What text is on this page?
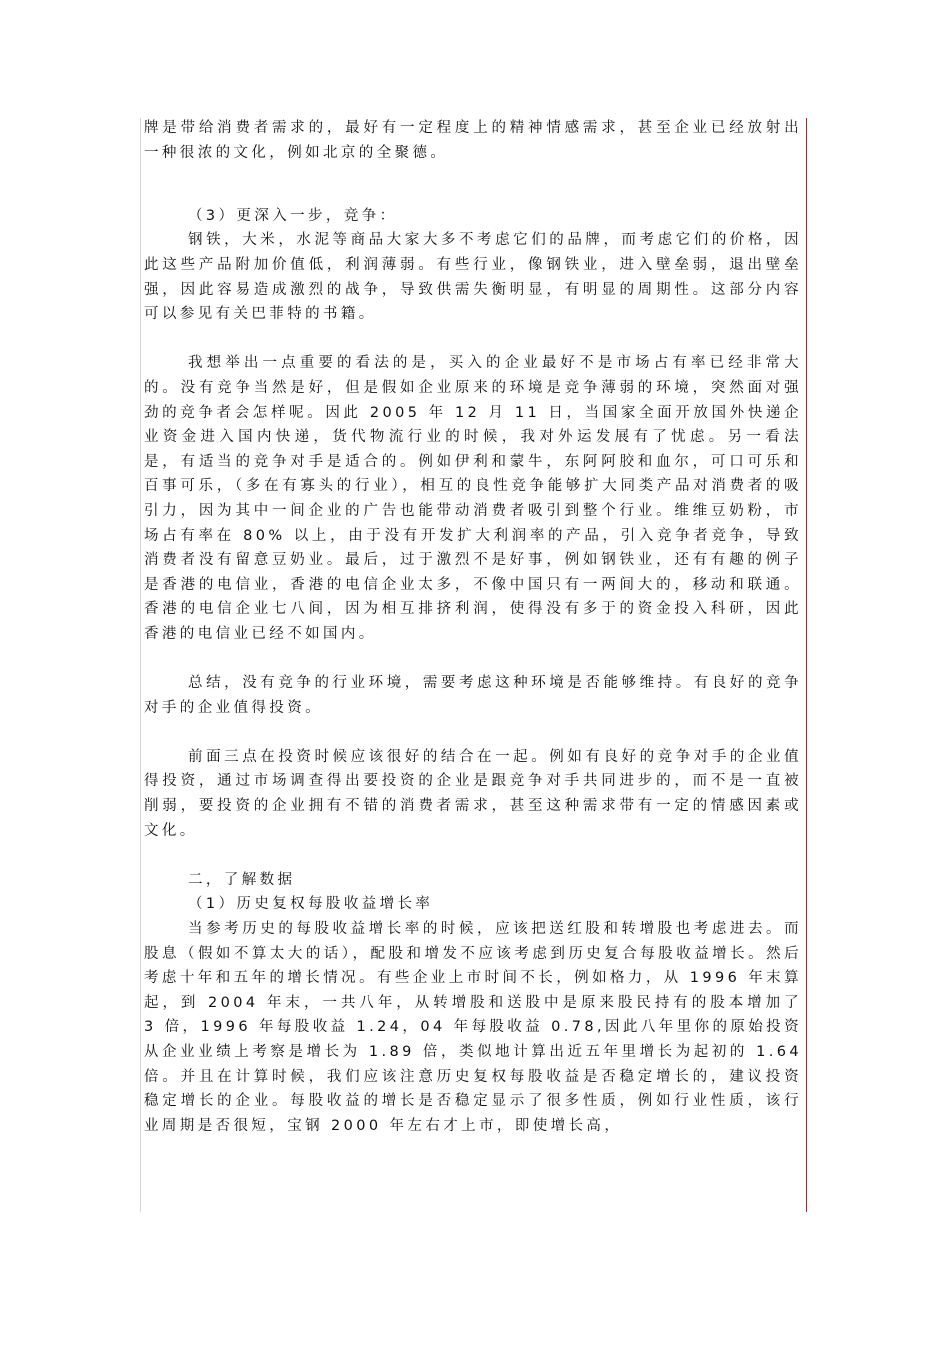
牌是带给消费者需求的，最好有一定程度上的精神情感需求，甚至企业已经放射出一种很浓的文化，例如北京的全聚德。

（3）更深入一步，竞争：

钢铁，大米，水泥等商品大家大多不考虑它们的品牌，而考虑它们的价格，因此这些产品附加价值低，利润薄弱。有些行业，像钢铁业，进入壁垒弱，退出壁垒强，因此容易造成激烈的战争，导致供需失衡明显，有明显的周期性。这部分内容可以参见有关巴菲特的书籍。

我想举出一点重要的看法的是，买入的企业最好不是市场占有率已经非常大的。没有竞争当然是好，但是假如企业原来的环境是竞争薄弱的环境，突然面对强劲的竞争者会怎样呢。因此 2005 年 12 月 11 日，当国家全面开放国外快递企业资金进入国内快递，货代物流行业的时候，我对外运发展有了忧虑。另一看法是，有适当的竞争对手是适合的。例如伊利和蒙牛，东阿阿胶和血尔，可口可乐和百事可乐，（多在有寡头的行业），相互的良性竞争能够扩大同类产品对消费者的吸引力，因为其中一间企业的广告也能带动消费者吸引到整个行业。维维豆奶粉，市场占有率在 80% 以上，由于没有开发扩大利润率的产品，引入竞争者竞争，导致消费者没有留意豆奶业。最后，过于激烈不是好事，例如钢铁业，还有有趣的例子是香港的电信业，香港的电信企业太多，不像中国只有一两间大的，移动和联通。香港的电信企业七八间，因为相互排挤利润，使得没有多于的资金投入科研，因此香港的电信业已经不如国内。

总结，没有竞争的行业环境，需要考虑这种环境是否能够维持。有良好的竞争对手的企业值得投资。

前面三点在投资时候应该很好的结合在一起。例如有良好的竞争对手的企业值得投资，通过市场调查得出要投资的企业是跟竞争对手共同进步的，而不是一直被削弱，要投资的企业拥有不错的消费者需求，甚至这种需求带有一定的情感因素或文化。

二，了解数据

（1）历史复权每股收益增长率

当参考历史的每股收益增长率的时候，应该把送红股和转增股也考虑进去。而股息（假如不算太大的话），配股和增发不应该考虑到历史复合每股收益增长。然后考虑十年和五年的增长情况。有些企业上市时间不长，例如格力，从 1996 年末算起，到 2004 年末，一共八年，从转增股和送股中是原来股民持有的股本增加了 3 倍，1996 年每股收益 1.24，04 年每股收益 0.78,因此八年里你的原始投资从企业业绩上考察是增长为 1.89 倍，类似地计算出近五年里增长为起初的 1.64 倍。并且在计算时候，我们应该注意历史复权每股收益是否稳定增长的，建议投资稳定增长的企业。每股收益的增长是否稳定显示了很多性质，例如行业性质，该行业周期是否很短，宝钢 2000 年左右才上市，即使增长高，
